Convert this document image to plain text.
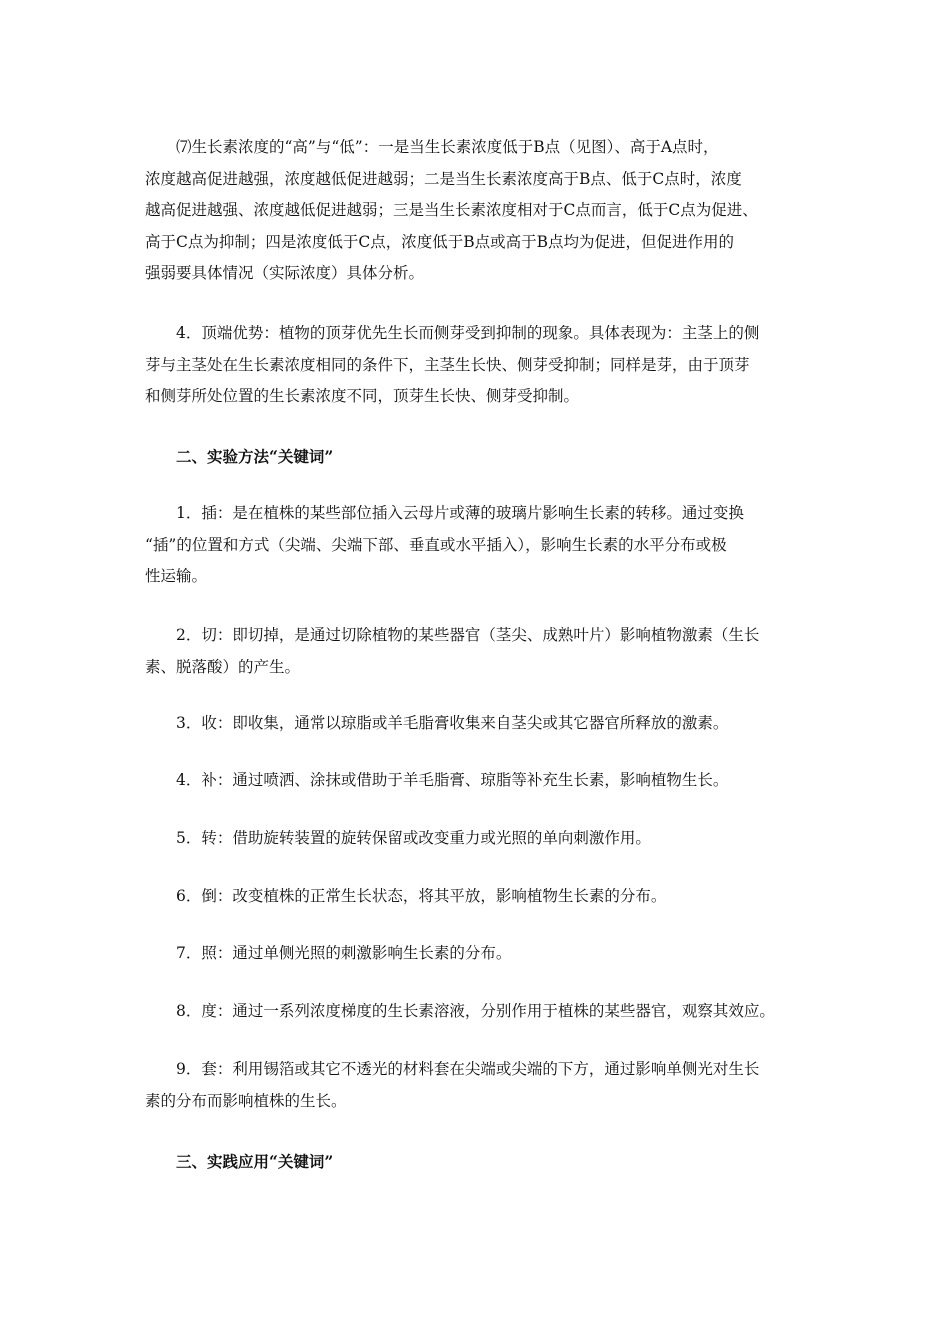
⑺生长素浓度的“高”与“低”：一是当生长素浓度低于B点（见图）、高于A点时，
浓度越高促进越强，浓度越低促进越弱；二是当生长素浓度高于B点、低于C点时，浓度
越高促进越强、浓度越低促进越弱；三是当生长素浓度相对于C点而言，低于C点为促进、
高于C点为抑制；四是浓度低于C点，浓度低于B点或高于B点均为促进，但促进作用的
强弱要具体情况（实际浓度）具体分析。
4．顶端优势：植物的顶芽优先生长而侧芽受到抑制的现象。具体表现为：主茎上的侧
芽与主茎处在生长素浓度相同的条件下，主茎生长快、侧芽受抑制；同样是芽，由于顶芽
和侧芽所处位置的生长素浓度不同，顶芽生长快、侧芽受抑制。
二、实验方法“关键词”
1．插：是在植株的某些部位插入云母片或薄的玻璃片影响生长素的转移。通过变换
“插”的位置和方式（尖端、尖端下部、垂直或水平插入），影响生长素的水平分布或极
性运输。
2．切：即切掉，是通过切除植物的某些器官（茎尖、成熟叶片）影响植物激素（生长
素、脱落酸）的产生。
3．收：即收集，通常以琼脂或羊毛脂膏收集来自茎尖或其它器官所释放的激素。
4．补：通过喷洒、涂抹或借助于羊毛脂膏、琼脂等补充生长素，影响植物生长。
5．转：借助旋转装置的旋转保留或改变重力或光照的单向刺激作用。
6．倒：改变植株的正常生长状态，将其平放，影响植物生长素的分布。
7．照：通过单侧光照的刺激影响生长素的分布。
8．度：通过一系列浓度梯度的生长素溶液，分别作用于植株的某些器官，观察其效应。
9．套：利用锡箔或其它不透光的材料套在尖端或尖端的下方，通过影响单侧光对生长
素的分布而影响植株的生长。
三、实践应用“关键词”
